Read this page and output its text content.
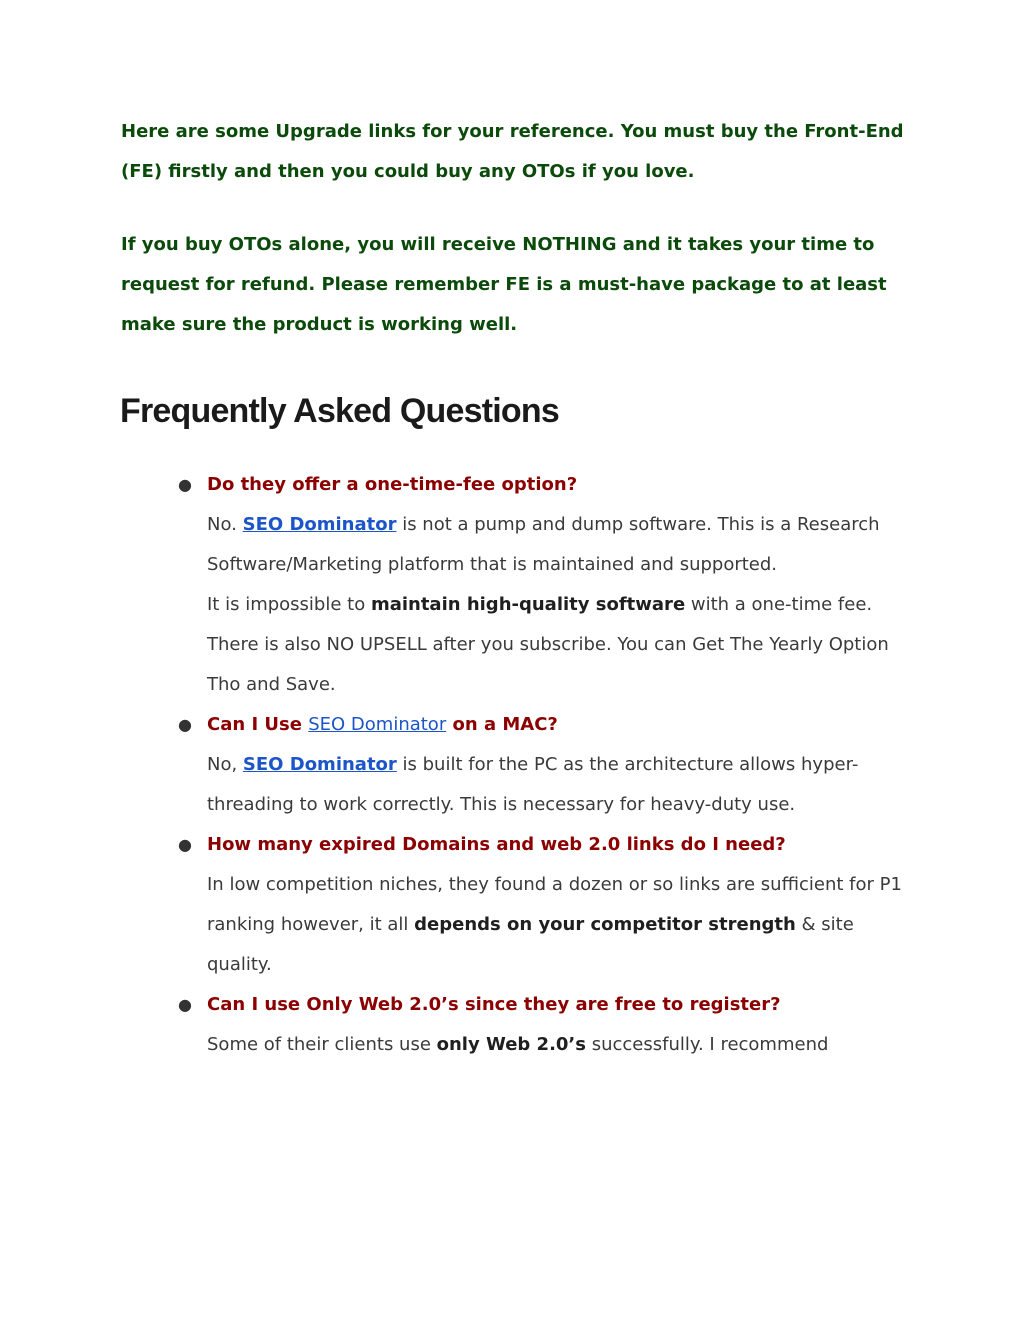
Here are some Upgrade links for your reference. You must buy the Front-End (FE) firstly and then you could buy any OTOs if you love.

If you buy OTOs alone, you will receive NOTHING and it takes your time to request for refund. Please remember FE is a must-have package to at least make sure the product is working well.

Frequently Asked Questions
● Do they offer a one-time-fee option?

No. SEO Dominator is not a pump and dump software. This is a Research Software/Marketing platform that is maintained and supported.

It is impossible to maintain high-quality software with a one-time fee. There is also NO UPSELL after you subscribe. You can Get The Yearly Option Tho and Save.

● Can I Use SEO Dominator on a MAC?

No, SEO Dominator is built for the PC as the architecture allows hyper-threading to work correctly. This is necessary for heavy-duty use.

● How many expired Domains and web 2.0 links do I need?

In low competition niches, they found a dozen or so links are sufficient for P1 ranking however, it all depends on your competitor strength & site quality.

● Can I use Only Web 2.0’s since they are free to register?

Some of their clients use only Web 2.0’s successfully. I recommend
